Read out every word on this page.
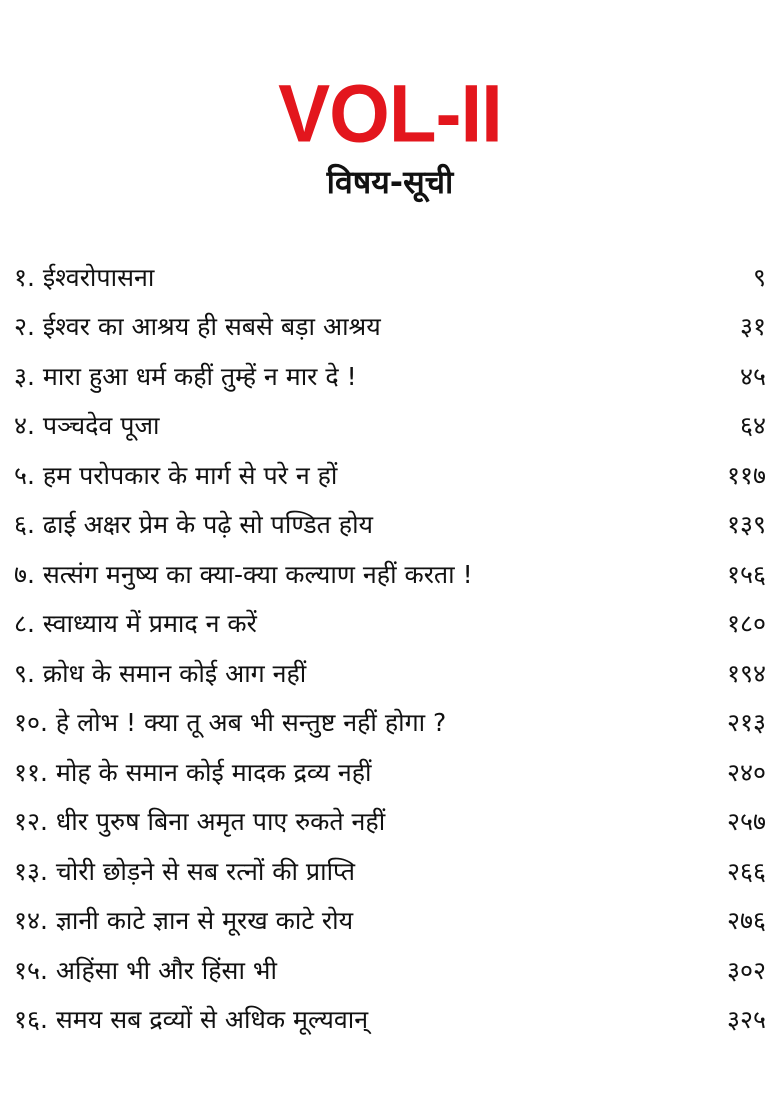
VOL-II
विषय-सूची
१. ईश्वरोपासना	९
२. ईश्वर का आश्रय ही सबसे बड़ा आश्रय	३१
३. मारा हुआ धर्म कहीं तुम्हें न मार दे !	४५
४. पञ्चदेव पूजा	६४
५. हम परोपकार के मार्ग से परे न हों	११७
६. ढाई अक्षर प्रेम के पढ़े सो पण्डित होय	१३९
७. सत्संग मनुष्य का क्या-क्या कल्याण नहीं करता !	१५६
८. स्वाध्याय में प्रमाद न करें	१८०
९. क्रोध के समान कोई आग नहीं	१९४
१०. हे लोभ ! क्या तू अब भी सन्तुष्ट नहीं होगा ?	२१३
११. मोह के समान कोई मादक द्रव्य नहीं	२४०
१२. धीर पुरुष बिना अमृत पाए रुकते नहीं	२५७
१३. चोरी छोड़ने से सब रत्नों की प्राप्ति	२६६
१४. ज्ञानी काटे ज्ञान से मूरख काटे रोय	२७६
१५. अहिंसा भी और हिंसा भी	३०२
१६. समय सब द्रव्यों से अधिक मूल्यवान्	३२५
